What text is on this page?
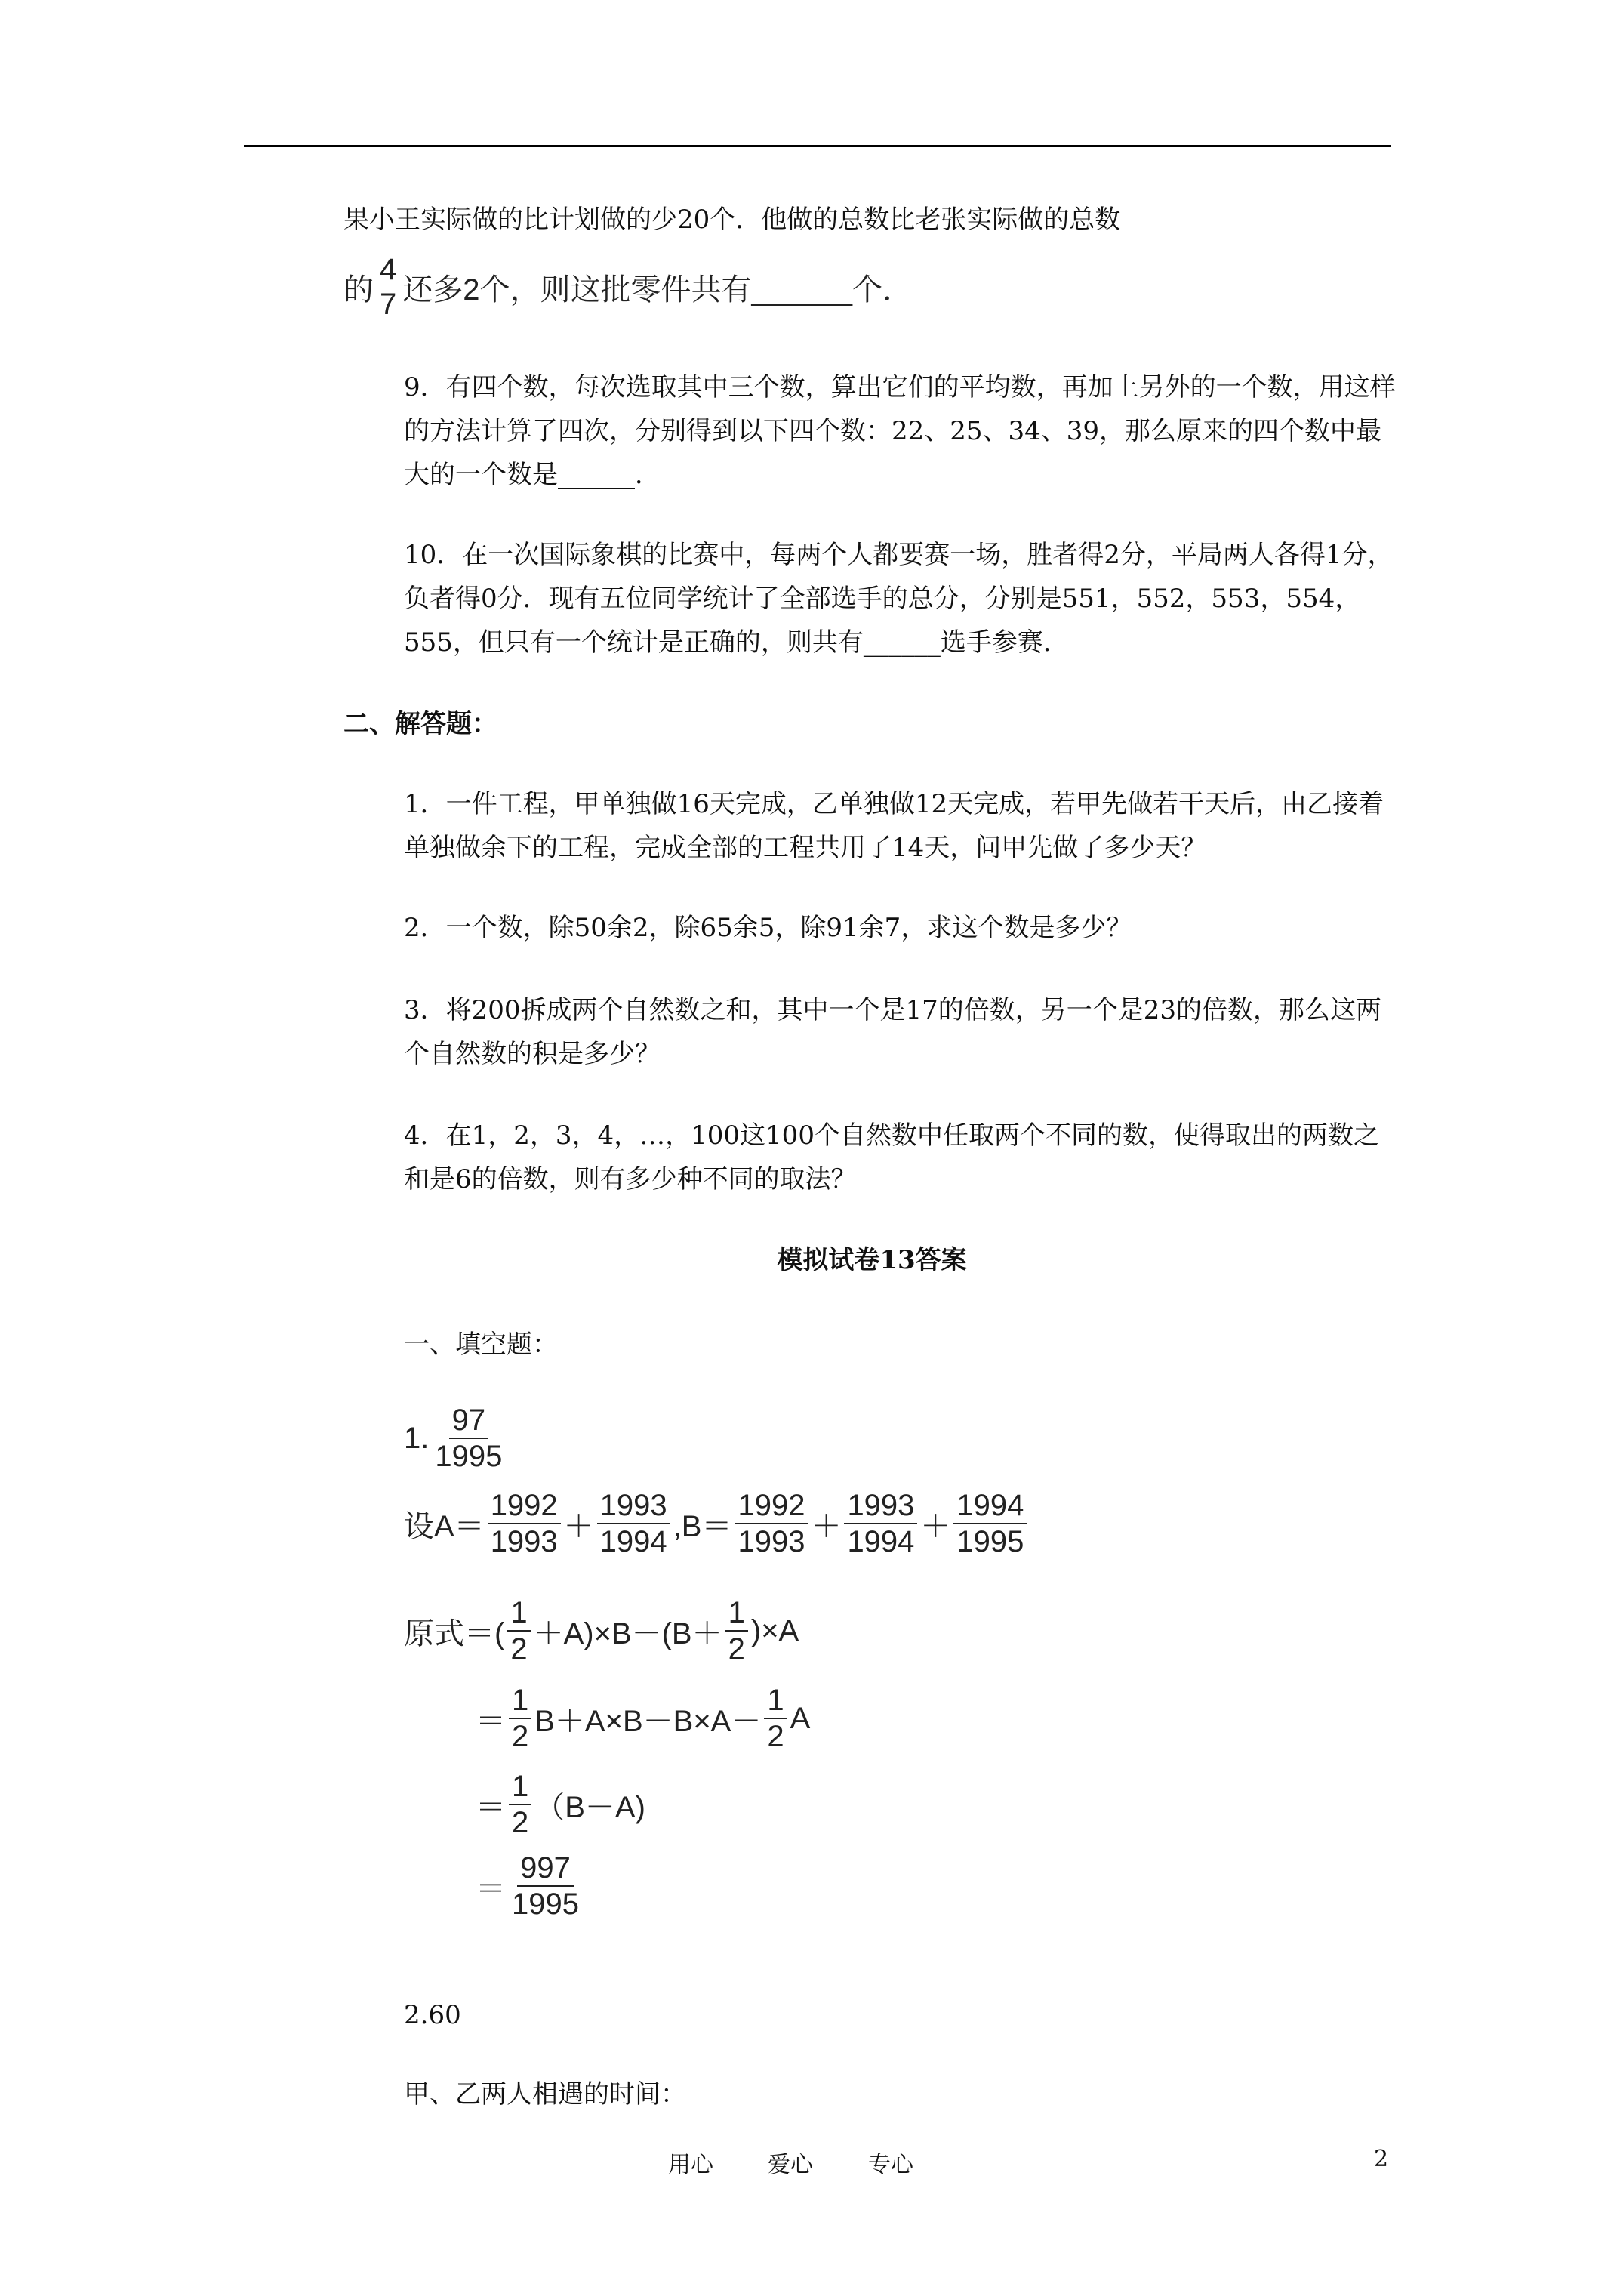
果小王实际做的比计划做的少20个．他做的总数比老张实际做的总数

的
4
7 还多2个，则这批零件共有______个．

9．有四个数，每次选取其中三个数，算出它们的平均数，再加上另外的一个数，用这样的方法计算了四次，分别得到以下四个数：22、25、34、39，那么原来的四个数中最大的一个数是______．

10．在一次国际象棋的比赛中，每两个人都要赛一场，胜者得2分，平局两人各得1分，负者得0分．现有五位同学统计了全部选手的总分，分别是551，552，553，554，555，但只有一个统计是正确的，则共有______选手参赛．

二、解答题：

1．一件工程，甲单独做16天完成，乙单独做12天完成，若甲先做若干天后，由乙接着单独做余下的工程，完成全部的工程共用了14天，问甲先做了多少天？

2．一个数，除50余2，除65余5，除91余7，求这个数是多少？

3．将200拆成两个自然数之和，其中一个是17的倍数，另一个是23的倍数，那么这两个自然数的积是多少？

4．在1，2，3，4，…，100这100个自然数中任取两个不同的数，使得取出的两数之和是6的倍数，则有多少种不同的取法？

模拟试卷13答案

一、填空题：

1. $\frac{97}{1995}$
设$A= \frac{1992}{1993} + \frac{1993}{1994} ,B= \frac{1992}{1993} + \frac{1993}{1994} + \frac{1994}{1995}$
原式＝( $\frac{1}{2} +A)\times B-(B+ \frac{1}{2} )\times A$
＝ $\frac{1}{2} B+A\times B-B\times A- \frac{1}{2}$ A
＝ $\frac{1}{2} (B-A)$
＝ $\frac{997}{1995}$

2.60

甲、乙两人相遇的时间：

用心 爱心 专心	2
